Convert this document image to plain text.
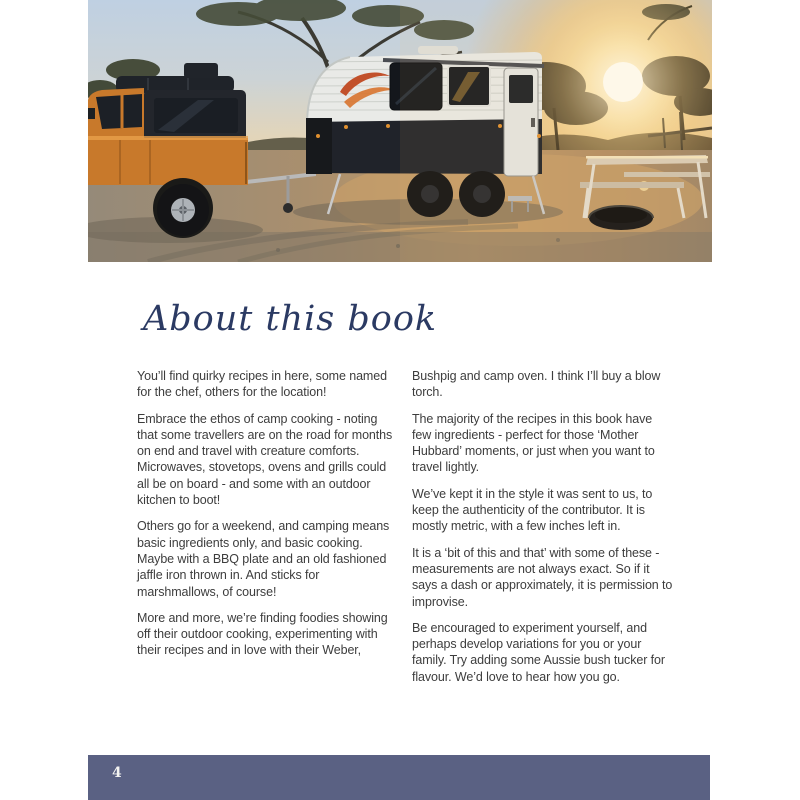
About this book

You’ll find quirky recipes in here, some named for the chef, others for the location!

Embrace the ethos of camp cooking - noting that some travellers are on the road for months on end and travel with creature comforts. Microwaves, stovetops, ovens and grills could all be on board - and some with an outdoor kitchen to boot!

Others go for a weekend, and camping means basic ingredients only, and basic cooking. Maybe with a BBQ plate and an old fashioned jaffle iron thrown in. And sticks for marshmallows, of course!

More and more, we’re finding foodies showing off their outdoor cooking, experimenting with their recipes and in love with their Weber,

Bushpig and camp oven. I think I’ll buy a blow torch.

The majority of the recipes in this book have few ingredients - perfect for those ‘Mother Hubbard’ moments, or just when you want to travel lightly.

We’ve kept it in the style it was sent to us, to keep the authenticity of the contributor. It is mostly metric, with a few inches left in.

It is a ‘bit of this and that’ with some of these - measurements are not always exact. So if it says a dash or approximately, it is permission to improvise.

Be encouraged to experiment yourself, and perhaps develop variations for you or your family. Try adding some Aussie bush tucker for flavour. We’d love to hear how you go.

4
